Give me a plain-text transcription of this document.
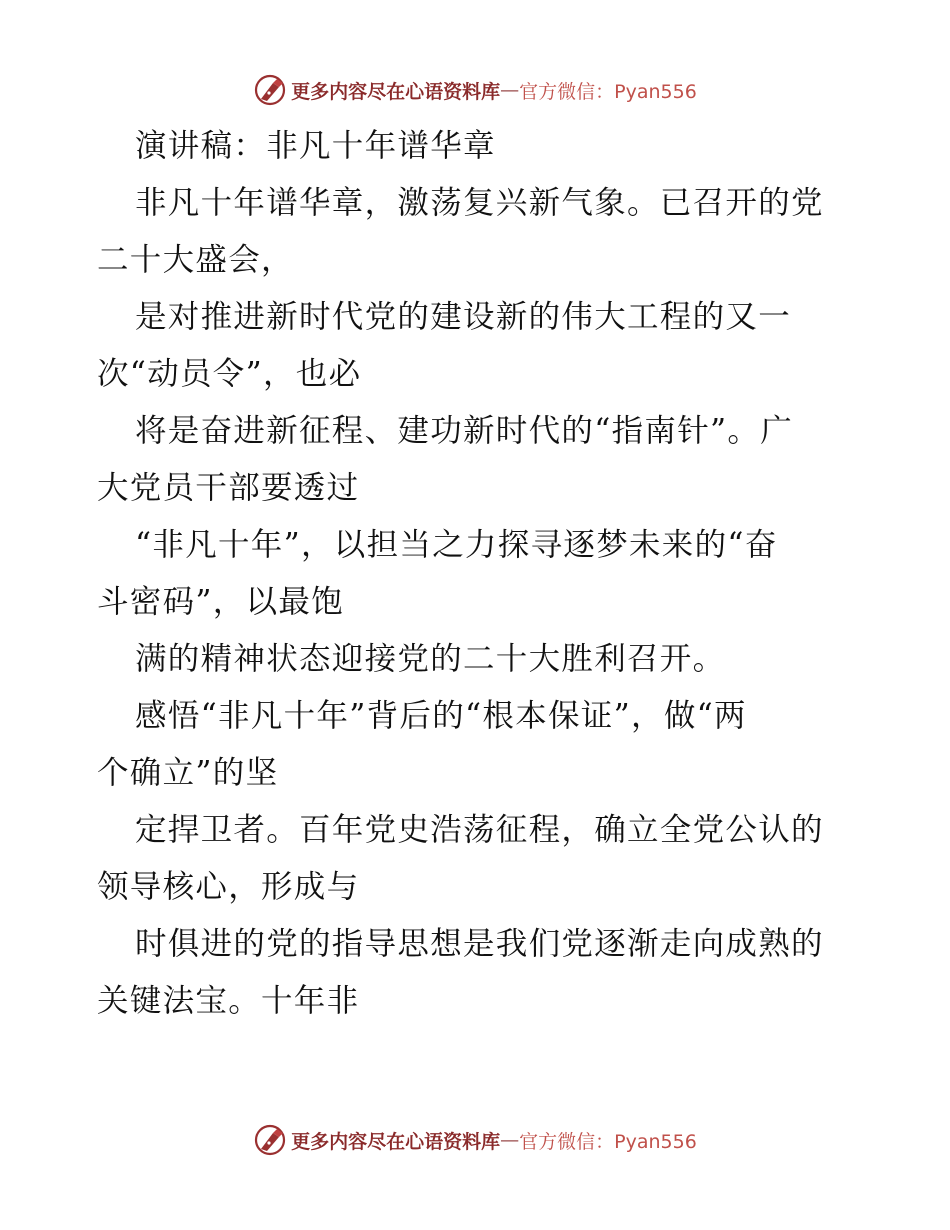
更多内容尽在心语资料库 — 官方微信：Pyan556
演讲稿：非凡十年谱华章
非凡十年谱华章，激荡复兴新气象。已召开的党
二十大盛会，
是对推进新时代党的建设新的伟大工程的又一
次“动员令”，也必
将是奋进新征程、建功新时代的“指南针”。广
大党员干部要透过
“非凡十年”，以担当之力探寻逐梦未来的“奋
斗密码”，以最饱
满的精神状态迎接党的二十大胜利召开。
感悟“非凡十年”背后的“根本保证”，做“两
个确立”的坚
定捍卫者。百年党史浩荡征程，确立全党公认的
领导核心，形成与
时俱进的党的指导思想是我们党逐渐走向成熟的
关键法宝。十年非
更多内容尽在心语资料库 — 官方微信：Pyan556
